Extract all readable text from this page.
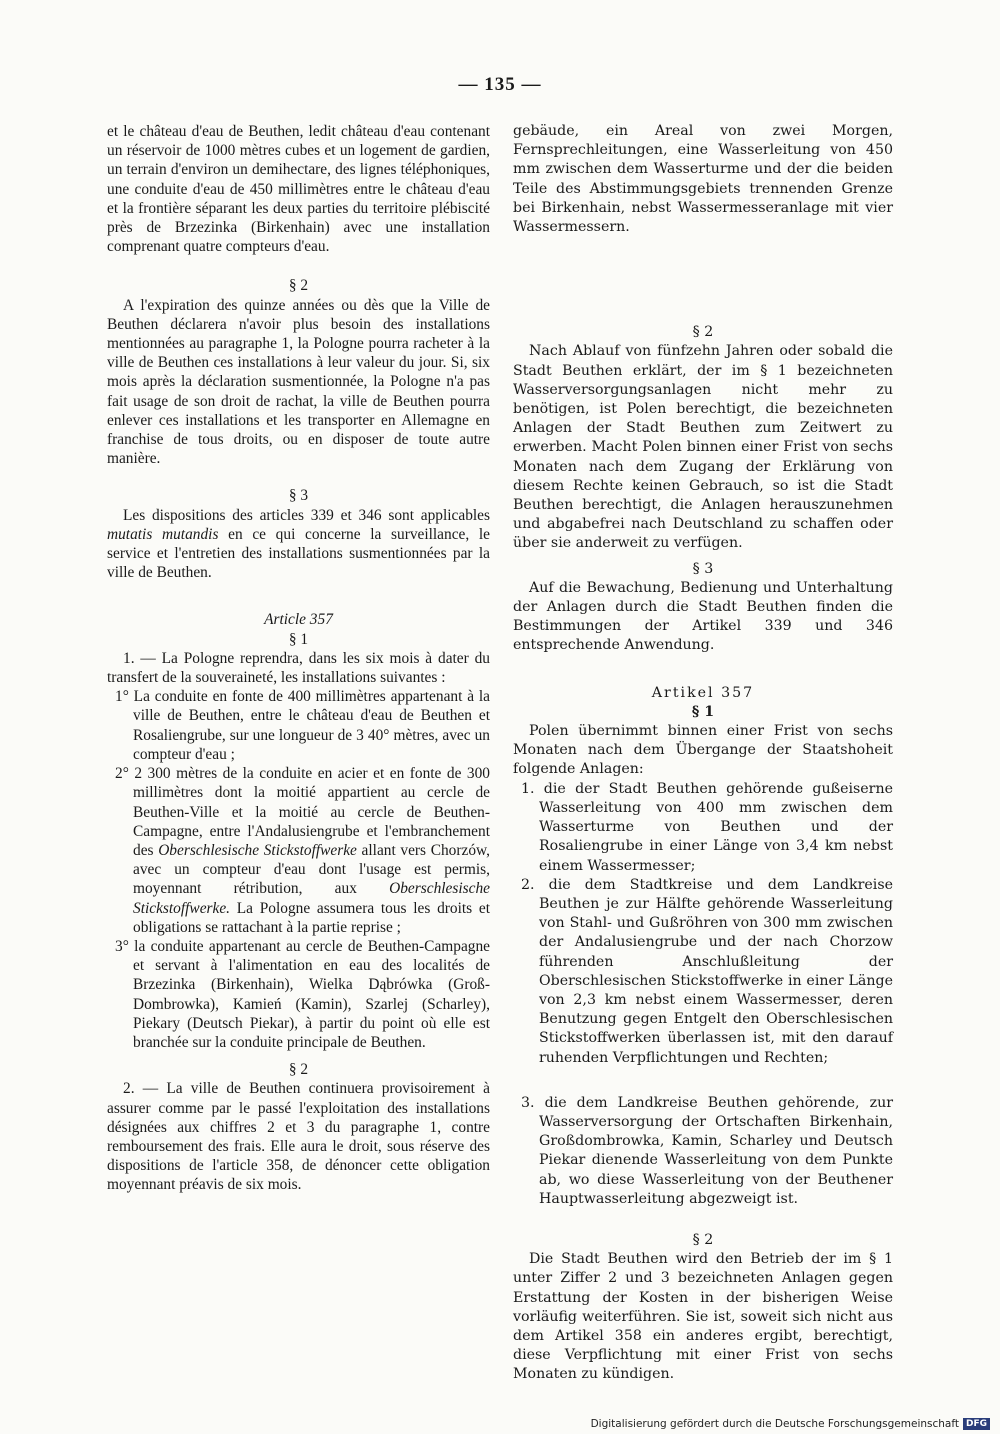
— 135 —

et le château d'eau de Beuthen, ledit château d'eau contenant un réservoir de 1000 mètres cubes et un logement de gardien, un terrain d'environ un demihectare, des lignes téléphoniques, une conduite d'eau de 450 millimètres entre le château d'eau et la frontière séparant les deux parties du territoire plébiscité près de Brzezinka (Birkenhain) avec une installation comprenant quatre compteurs d'eau.

§ 2

A l'expiration des quinze années ou dès que la Ville de Beuthen déclarera n'avoir plus besoin des installations mentionnées au paragraphe 1, la Pologne pourra racheter à la ville de Beuthen ces installations à leur valeur du jour. Si, six mois après la déclaration susmentionnée, la Pologne n'a pas fait usage de son droit de rachat, la ville de Beuthen pourra enlever ces installations et les transporter en Allemagne en franchise de tous droits, ou en disposer de toute autre manière.

§ 3

Les dispositions des articles 339 et 346 sont applicables mutatis mutandis en ce qui concerne la surveillance, le service et l'entretien des installations susmentionnées par la ville de Beuthen.

Article 357

§ 1

1. — La Pologne reprendra, dans les six mois à dater du transfert de la souveraineté, les installations suivantes :

1° La conduite en fonte de 400 millimètres appartenant à la ville de Beuthen, entre le château d'eau de Beuthen et Rosaliengrube, sur une longueur de 3 40° mètres, avec un compteur d'eau ;

2° 2 300 mètres de la conduite en acier et en fonte de 300 millimètres dont la moitié appartient au cercle de Beuthen-Ville et la moitié au cercle de Beuthen-Campagne, entre l'Andalusiengrube et l'embranchement des Oberschlesische Stickstoffwerke allant vers Chorzów, avec un compteur d'eau dont l'usage est permis, moyennant rétribution, aux Oberschlesische Stickstoffwerke. La Pologne assumera tous les droits et obligations se rattachant à la partie reprise ;

3° la conduite appartenant au cercle de Beuthen-Campagne et servant à l'alimentation en eau des localités de Brzezinka (Birkenhain), Wielka Dąbrówka (Groß-Dombrowka), Kamień (Kamin), Szarlej (Scharley), Piekary (Deutsch Piekar), à partir du point où elle est branchée sur la conduite principale de Beuthen.

§ 2

2. — La ville de Beuthen continuera provisoirement à assurer comme par le passé l'exploitation des installations désignées aux chiffres 2 et 3 du paragraphe 1, contre remboursement des frais. Elle aura le droit, sous réserve des dispositions de l'article 358, de dénoncer cette obligation moyennant préavis de six mois.

gebäude, ein Areal von zwei Morgen, Fernsprechleitungen, eine Wasserleitung von 450 mm zwischen dem Wasserturme und der die beiden Teile des Abstimmungsgebiets trennenden Grenze bei Birkenhain, nebst Wassermesseranlage mit vier Wassermessern.

§ 2

Nach Ablauf von fünfzehn Jahren oder sobald die Stadt Beuthen erklärt, der im § 1 bezeichneten Wasserversorgungsanlagen nicht mehr zu benötigen, ist Polen berechtigt, die bezeichneten Anlagen der Stadt Beuthen zum Zeitwert zu erwerben. Macht Polen binnen einer Frist von sechs Monaten nach dem Zugang der Erklärung von diesem Rechte keinen Gebrauch, so ist die Stadt Beuthen berechtigt, die Anlagen herauszunehmen und abgabefrei nach Deutschland zu schaffen oder über sie anderweit zu verfügen.

§ 3

Auf die Bewachung, Bedienung und Unterhaltung der Anlagen durch die Stadt Beuthen finden die Bestimmungen der Artikel 339 und 346 entsprechende Anwendung.

Artikel 357

§ 1

Polen übernimmt binnen einer Frist von sechs Monaten nach dem Übergange der Staatshoheit folgende Anlagen:

1. die der Stadt Beuthen gehörende gußeiserne Wasserleitung von 400 mm zwischen dem Wasserturme von Beuthen und der Rosaliengrube in einer Länge von 3,4 km nebst einem Wassermesser;

2. die dem Stadtkreise und dem Landkreise Beuthen je zur Hälfte gehörende Wasserleitung von Stahl- und Gußröhren von 300 mm zwischen der Andalusiengrube und der nach Chorzow führenden Anschlußleitung der Oberschlesischen Stickstoffwerke in einer Länge von 2,3 km nebst einem Wassermesser, deren Benutzung gegen Entgelt den Oberschlesischen Stickstoffwerken überlassen ist, mit den darauf ruhenden Verpflichtungen und Rechten;

3. die dem Landkreise Beuthen gehörende, zur Wasserversorgung der Ortschaften Birkenhain, Großdombrowka, Kamin, Scharley und Deutsch Piekar dienende Wasserleitung von dem Punkte ab, wo diese Wasserleitung von der Beuthener Hauptwasserleitung abgezweigt ist.

§ 2

Die Stadt Beuthen wird den Betrieb der im § 1 unter Ziffer 2 und 3 bezeichneten Anlagen gegen Erstattung der Kosten in der bisherigen Weise vorläufig weiterführen. Sie ist, soweit sich nicht aus dem Artikel 358 ein anderes ergibt, berechtigt, diese Verpflichtung mit einer Frist von sechs Monaten zu kündigen.

Digitalisierung gefördert durch die Deutsche Forschungsgemeinschaft DFG
